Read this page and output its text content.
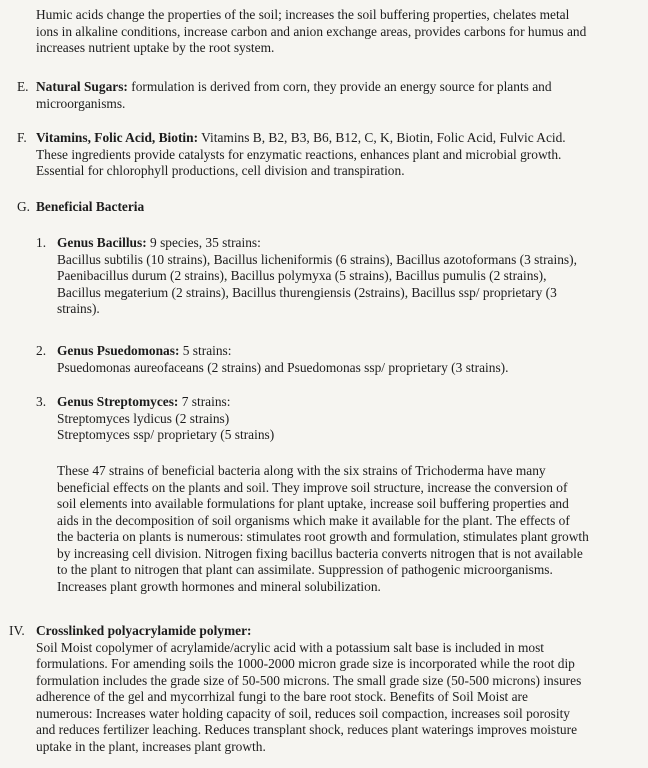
Humic acids change the properties of the soil; increases the soil buffering properties, chelates metal
ions in alkaline conditions, increase carbon and anion exchange areas, provides carbons for humus and
increases nutrient uptake by the root system.
E. Natural Sugars: formulation is derived from corn, they provide an energy source for plants and
microorganisms.
F. Vitamins, Folic Acid, Biotin: Vitamins B, B2, B3, B6, B12, C, K, Biotin, Folic Acid, Fulvic Acid.
These ingredients provide catalysts for enzymatic reactions, enhances plant and microbial growth.
Essential for chlorophyll productions, cell division and transpiration.
G. Beneficial Bacteria
1. Genus Bacillus: 9 species, 35 strains:
Bacillus subtilis (10 strains), Bacillus licheniformis (6 strains), Bacillus azotoformans (3 strains),
Paenibacillus durum (2 strains), Bacillus polymyxa (5 strains), Bacillus pumulis (2 strains),
Bacillus megaterium (2 strains), Bacillus thurengiensis (2strains), Bacillus ssp/ proprietary (3
strains).
2. Genus Psuedomonas: 5 strains:
Psuedomonas aureofaceans (2 strains) and Psuedomonas ssp/ proprietary (3 strains).
3. Genus Streptomyces: 7 strains:
Streptomyces lydicus (2 strains)
Streptomyces ssp/ proprietary (5 strains)
These 47 strains of beneficial bacteria along with the six strains of Trichoderma have many
beneficial effects on the plants and soil. They improve soil structure, increase the conversion of
soil elements into available formulations for plant uptake, increase soil buffering properties and
aids in the decomposition of soil organisms which make it available for the plant. The effects of
the bacteria on plants is numerous: stimulates root growth and formulation, stimulates plant growth
by increasing cell division. Nitrogen fixing bacillus bacteria converts nitrogen that is not available
to the plant to nitrogen that plant can assimilate. Suppression of pathogenic microorganisms.
Increases plant growth hormones and mineral solubilization.
IV. Crosslinked polyacrylamide polymer:
Soil Moist copolymer of acrylamide/acrylic acid with a potassium salt base is included in most
formulations. For amending soils the 1000-2000 micron grade size is incorporated while the root dip
formulation includes the grade size of 50-500 microns. The small grade size (50-500 microns) insures
adherence of the gel and mycorrhizal fungi to the bare root stock. Benefits of Soil Moist are
numerous: Increases water holding capacity of soil, reduces soil compaction, increases soil porosity
and reduces fertilizer leaching. Reduces transplant shock, reduces plant waterings improves moisture
uptake in the plant, increases plant growth.
